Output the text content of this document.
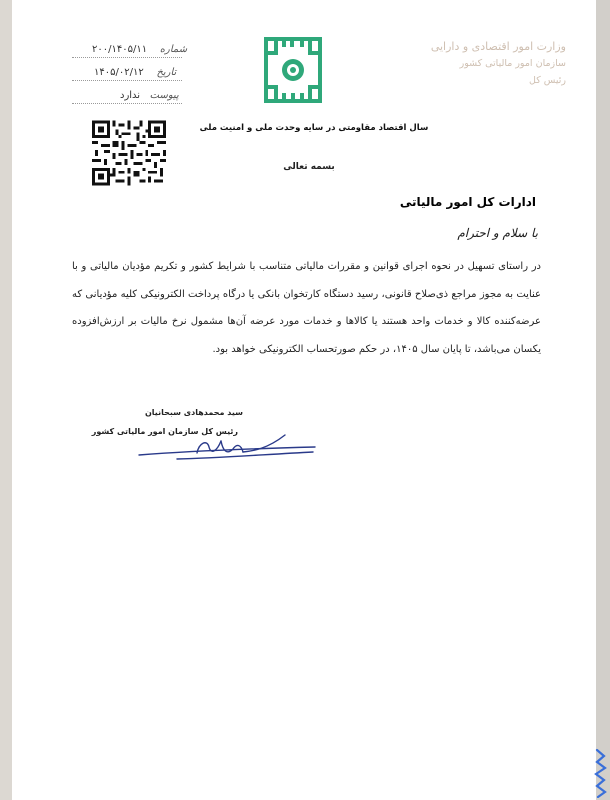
شماره    ۲۰۰/۱۴۰۵/۱۱
تاریخ    ۱۴۰۵/۰۲/۱۲
پیوست   ندارد
وزارت امور اقتصادی و دارایی
سازمان امور مالیاتی کشور
رئیس کل
سال اقتصاد مقاومتی در سایه وحدت ملی و امنیت ملی
بسمه تعالی
ادارات کل امور مالیاتی
با سلام و احترام
در راستای تسهیل در نحوه اجرای قوانین و مقررات مالیاتی متناسب با شرایط کشور و تکریم مؤدیان مالیاتی و با عنایت به مجوز مراجع ذی‌صلاح قانونی، رسید دستگاه کارتخوان بانکی یا درگاه پرداخت الکترونیکی کلیه مؤدیانی که عرضه‌کننده کالا و خدمات واحد هستند یا کالاها و خدمات مورد عرضه آن‌ها مشمول نرخ مالیات بر ارزش‌افزوده یکسان می‌باشد، تا پایان سال ۱۴۰۵، در حکم صورتحساب الکترونیکی خواهد بود.
سید محمدهادی سبحانیان
رئیس کل سازمان امور مالیاتی کشور
